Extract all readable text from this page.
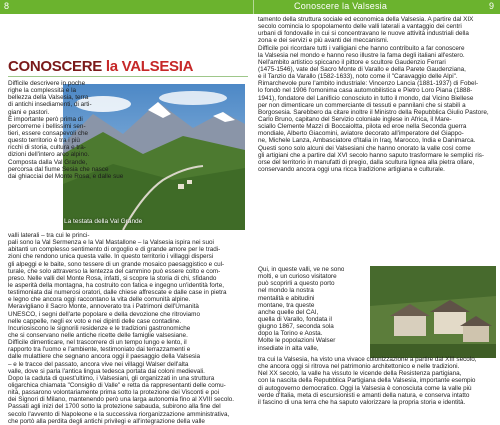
8	Conoscere la Valsesia	9
CONOSCERE la VALSESIA
La testata della Val Grande
Difficile descrivere in poche
righe la complessità e la
bellezza della Valsesia, terra
di antichi insediamenti, di arti-
giani e pastori.
È importante però prima di
percorrerne i bellissimi sen-
tieri, essere consapevoli che
questo territorio è tra i più
ricchi di storia, cultura e tra-
dizioni dell'intero arco alpino.
Composta dalla Val Grande,
percorsa dal fiume Sesia che nasce
dai ghiacciai del Monte Rosa, e dalle sue
valli laterali – tra cui le princi-
pali sono la Val Sermenza e la Val Mastallone – la Valsesia ispira nei suoi
abitanti un complesso sentimento di orgoglio e di grande amore per le tradi-
zioni che rendono unica questa valle. In questo territorio i villaggi dispersi
gli alpeggi e le baite, sono tessere di un grande mosaico paesaggistico e cul-
turale, che solo attraverso la lentezza del cammino può essere colto e com-
preso. Nelle valli del Monte Rosa, infatti, si scopre la storia di chi, sfidando
le asperità della montagna, ha costruito con fatica e ingegno un'identità forte,
testimoniata dai numerosi oratori, dalle chiese affrescate e dalle case in pietra
e legno che ancora oggi raccontano la vita delle comunità alpine.
Meravigliano il Sacro Monte, annoverato tra i Patrimoni dell'Umanità
UNESCO, i segni dell'arte popolare e della devozione che ritroviamo
nelle cappelle, negli ex voto e nei dipinti delle case contadine.
Incuriosiscono le signorili residenze e le tradizioni gastronomiche
che si conservano nelle antiche ricette delle famiglie valsesiane.
Difficile dimenticare, nel trascorrere di un tempo lungo e lento, il
rapporto tra l'uomo e l'ambiente, testimoniato dai terrazzamenti e
dalle mulattiere che segnano ancora oggi il paesaggio della Valsesia
– e le tracce del passato, ancora vive nei villaggi Walser dell'alta
valle, dove si parla l'antica lingua tedesca portata dai coloni medievali.
Dopo la caduta di quest'ultimo, i Valsesiani, gli organizzati in una struttura
oligarchica chiamata "Consiglio di Valle" e retta da rappresentanti delle comu-
nità, passarono volontariamente prima sotto la protezione dei Visconti e poi
dei Signori di Milano, mantenendo però una larga autonomia fino al XVIII secolo.
Passati agli inizi del 1700 sotto la protezione sabauda, subirono alla fine del
secolo l'avvento di Napoleone e la successiva riorganizzazione amministrativa,
che portò alla perdita degli antichi privilegi e all'integrazione della valle
tamento della struttura sociale ed economica della Valsesia. A partire dal XIX
secolo comincia lo spopolamento delle valli laterali a vantaggio dei centri
urbani di fondovalle in cui si concentravano le nuove attività industriali della
zona e dei servizi e più avanti dei meccanismi.
Difficile poi ricordare tutti i valligiani che hanno contribuito a far conoscere
la Valsesia nel mondo e hanno reso illustre la fama degli italiani all'estero.
Nell'ambito artistico spiccano il pittore e scultore Gaudenzio Ferrari
(1475-1546), vate del Sacro Monte di Varallo e della Parete Gaudenziana,
e il Tanzio da Varallo (1582-1633), noto come il "Caravaggio delle Alpi".
Rimarchevole pure l'ambito industriale: Vincenzo Lancia (1881-1937) di Fobel-
lo fondò nel 1906 l'omonima casa automobilistica e Pietro Loro Piana (1888-
1941), fondatore del Lanificio conosciuto in tutto il mondo, dal Vicino Biellese
per non dimenticare un commerciante di tessuti e pannilani che si stabilì a
Borgosesia. Sarebbero da citare inoltre il Ministro della Repubblica Giulio Pastore,
Carlo Bruno, capitano del Servizio coloniale inglese in Africa, il Mare-
sciallo Clemente Mazzi di Boccaioltta, pilota ed eroe nella Seconda guerra
mondiale, Alberto Giacomini, aviatore decorato all'imperatore del Giappo-
ne, Michele Lanza, Ambasciatore d'Italia in Iraq, Marocco, India e Danimarca.
Questi sono solo alcuni dei Valsesiani che hanno onorato la valle così come
gli artigiani che a partire dal XVI secolo hanno saputo trasformare le semplici ris-
orse del territorio in manufatti di pregio, dalla scultura lignea alla pietra ollare,
conservando ancora oggi una ricca tradizione artigiana e culturale.
Qui, in queste valli, ve ne sono
molti, e un curioso visitatore
può scoprirli a questo porto
nel mondo la nostra
mentalità e abitudini
montane, tra queste
anche quelle del CAI,
quella di Varallo, fondata il
giugno 1867, seconda sola
dopo la Torino e Aosta.
Molte le popolazioni Walser
insediate in alta valle,
tra cui la Valsesia, ha visto una vivace colonizzazione a partire dal XIII secolo,
che ancora oggi si ritrova nel patrimonio architettonico e nelle tradizioni.
Nel XX secolo, la valle ha vissuto le vicende della Resistenza partigiana,
con la nascita della Repubblica Partigiana della Valsesia, importante esempio
di autogoverno democratico. Oggi la Valsesia è conosciuta come la valle più
verde d'Italia, meta di escursionisti e amanti della natura, e conserva intatto
il fascino di una terra che ha saputo valorizzare la propria storia e identità.
